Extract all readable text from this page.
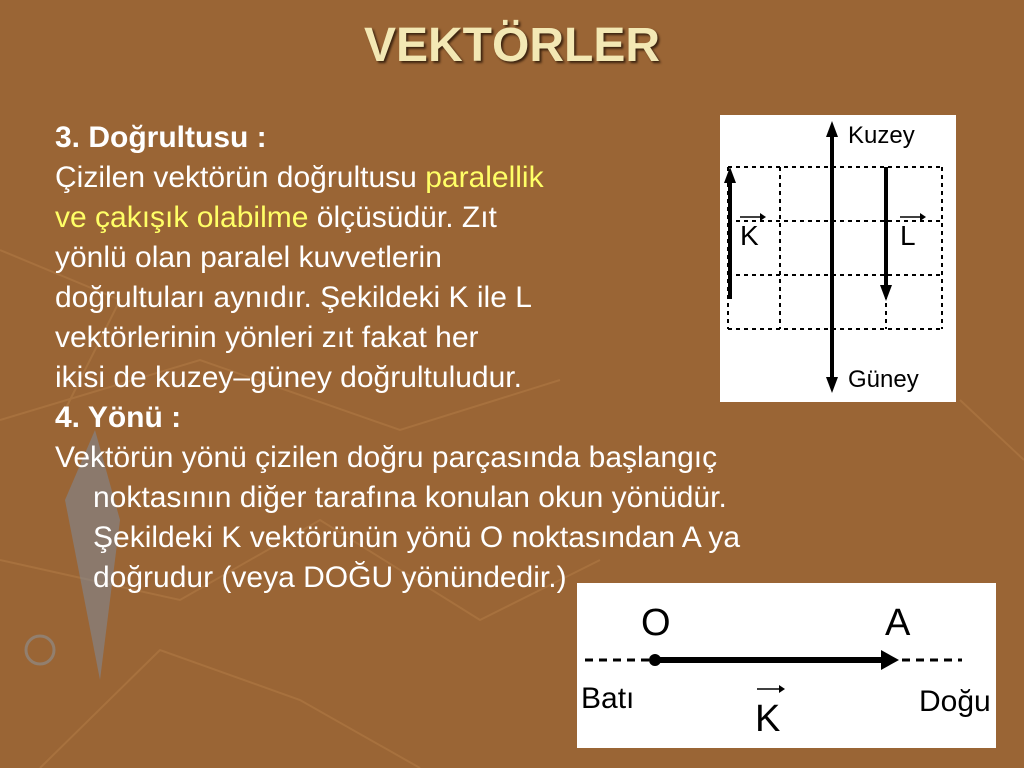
VEKTÖRLER
3. Doğrultusu :
Çizilen vektörün doğrultusu paralellik
ve çakışık olabilme ölçüsüdür. Zıt
yönlü olan paralel kuvvetlerin
doğrultuları aynıdır. Şekildeki K ile L
vektörlerinin yönleri zıt fakat her
ikisi de kuzey–güney doğrultuludur.
4. Yönü :
Vektörün yönü çizilen doğru parçasında başlangıç
noktasının diğer tarafına konulan okun yönüdür.
Şekildeki K vektörünün yönü O noktasından A ya
doğrudur (veya DOĞU yönündedir.)
Kuzey
Güney
K	L
O	A
Batı	Doğu
K
